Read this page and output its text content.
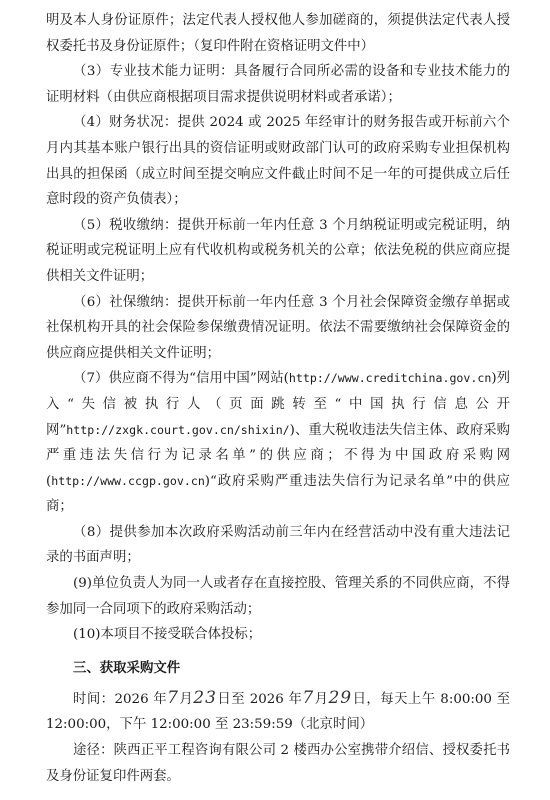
明及本人身份证原件；法定代表人授权他人参加磋商的，须提供法定代表人授权委托书及身份证原件；（复印件附在资格证明文件中）

（3）专业技术能力证明：具备履行合同所必需的设备和专业技术能力的证明材料（由供应商根据项目需求提供说明材料或者承诺）；

（4）财务状况：提供 2024 或 2025 年经审计的财务报告或开标前六个月内其基本账户银行出具的资信证明或财政部门认可的政府采购专业担保机构出具的担保函（成立时间至提交响应文件截止时间不足一年的可提供成立后任意时段的资产负债表）；

（5）税收缴纳：提供开标前一年内任意 3 个月纳税证明或完税证明，纳税证明或完税证明上应有代收机构或税务机关的公章；依法免税的供应商应提供相关文件证明；

（6）社保缴纳：提供开标前一年内任意 3 个月社会保障资金缴存单据或社保机构开具的社会保险参保缴费情况证明。依法不需要缴纳社会保障资金的供应商应提供相关文件证明；

（7）供应商不得为“信用中国”网站(http://www.creditchina.gov.cn)列入“失信被执行人（页面跳转至“中国执行信息公开网”http://zxgk.court.gov.cn/shixin/)、重大税收违法失信主体、政府采购严重违法失信行为记录名单”的供应商；不得为中国政府采购网(http://www.ccgp.gov.cn)“政府采购严重违法失信行为记录名单”中的供应商；

（8）提供参加本次政府采购活动前三年内在经营活动中没有重大违法记录的书面声明；

(9)单位负责人为同一人或者存在直接控股、管理关系的不同供应商，不得参加同一合同项下的政府采购活动；

(10)本项目不接受联合体投标；

三、获取采购文件

时间：2026 年7月23日至 2026 年7月29日，每天上午 8:00:00 至 12:00:00，下午 12:00:00 至 23:59:59（北京时间）

途径：陕西正平工程咨询有限公司 2 楼西办公室携带介绍信、授权委托书及身份证复印件两套。
